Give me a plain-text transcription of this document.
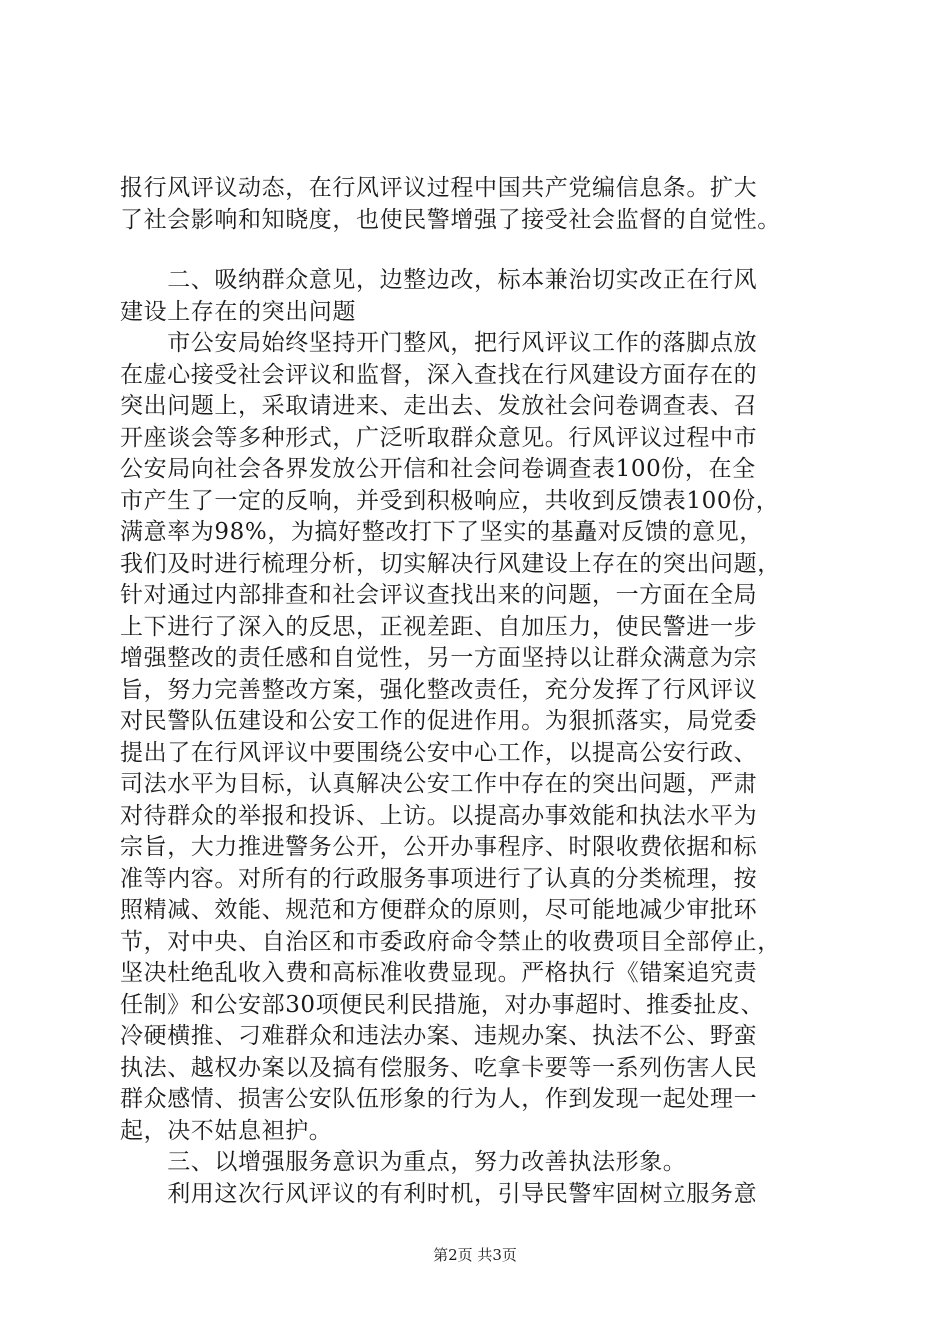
报行风评议动态，在行风评议过程中国共产党编信息条。扩大
了社会影响和知晓度，也使民警增强了接受社会监督的自觉性。
　　二、吸纳群众意见，边整边改，标本兼治切实改正在行风
建设上存在的突出问题
　　市公安局始终坚持开门整风，把行风评议工作的落脚点放
在虚心接受社会评议和监督，深入查找在行风建设方面存在的
突出问题上，采取请进来、走出去、发放社会问卷调查表、召
开座谈会等多种形式，广泛听取群众意见。行风评议过程中市
公安局向社会各界发放公开信和社会问卷调查表100份，在全
市产生了一定的反响，并受到积极响应，共收到反馈表100份，
满意率为98%，为搞好整改打下了坚实的基矗对反馈的意见，
我们及时进行梳理分析，切实解决行风建设上存在的突出问题，
针对通过内部排查和社会评议查找出来的问题，一方面在全局
上下进行了深入的反思，正视差距、自加压力，使民警进一步
增强整改的责任感和自觉性，另一方面坚持以让群众满意为宗
旨，努力完善整改方案，强化整改责任，充分发挥了行风评议
对民警队伍建设和公安工作的促进作用。为狠抓落实，局党委
提出了在行风评议中要围绕公安中心工作，以提高公安行政、
司法水平为目标，认真解决公安工作中存在的突出问题，严肃
对待群众的举报和投诉、上访。以提高办事效能和执法水平为
宗旨，大力推进警务公开，公开办事程序、时限收费依据和标
准等内容。对所有的行政服务事项进行了认真的分类梳理，按
照精减、效能、规范和方便群众的原则，尽可能地减少审批环
节，对中央、自治区和市委政府命令禁止的收费项目全部停止，
坚决杜绝乱收入费和高标准收费显现。严格执行《错案追究责
任制》和公安部30项便民利民措施，对办事超时、推委扯皮、
冷硬横推、刁难群众和违法办案、违规办案、执法不公、野蛮
执法、越权办案以及搞有偿服务、吃拿卡要等一系列伤害人民
群众感情、损害公安队伍形象的行为人，作到发现一起处理一
起，决不姑息袒护。
　　三、以增强服务意识为重点，努力改善执法形象。
　　利用这次行风评议的有利时机，引导民警牢固树立服务意
第2页 共3页
